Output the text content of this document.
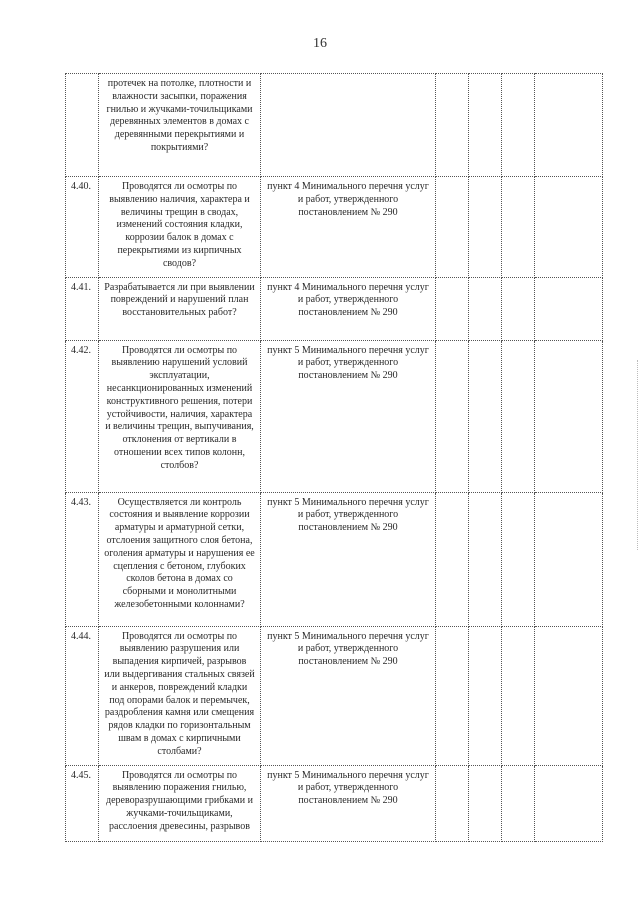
16
	протечек на потолке, плотности и влажности засыпки, поражения гнилью и жучками-точильщиками деревянных элементов в домах с деревянными перекрытиями и покрытиями?					
4.40.	Проводятся ли осмотры по выявлению наличия, характера и величины трещин в сводах, изменений состояния кладки, коррозии балок в домах с перекрытиями из кирпичных сводов?	пункт 4 Минимального перечня услуг и работ, утвержденного постановлением № 290				
4.41.	Разрабатывается ли при выявлении повреждений и нарушений план восстановительных работ?	пункт 4 Минимального перечня услуг и работ, утвержденного постановлением № 290				
4.42.	Проводятся ли осмотры по выявлению нарушений условий эксплуатации, несанкционированных изменений конструктивного решения, потери устойчивости, наличия, характера и величины трещин, выпучивания, отклонения от вертикали в отношении всех типов колонн, столбов?	пункт 5 Минимального перечня услуг и работ, утвержденного постановлением № 290				
4.43.	Осуществляется ли контроль состояния и выявление коррозии арматуры и арматурной сетки, отслоения защитного слоя бетона, оголения арматуры и нарушения ее сцепления с бетоном, глубоких сколов бетона в домах со сборными и монолитными железобетонными колоннами?	пункт 5 Минимального перечня услуг и работ, утвержденного постановлением № 290				
4.44.	Проводятся ли осмотры по выявлению разрушения или выпадения кирпичей, разрывов или выдергивания стальных связей и анкеров, повреждений кладки под опорами балок и перемычек, раздробления камня или смещения рядов кладки по горизонтальным швам в домах с кирпичными столбами?	пункт 5 Минимального перечня услуг и работ, утвержденного постановлением № 290				
4.45.	Проводятся ли осмотры по выявлению поражения гнилью, дереворазрушающими грибками и жучками-точильщиками, расслоения древесины, разрывов	пункт 5 Минимального перечня услуг и работ, утвержденного постановлением № 290				
